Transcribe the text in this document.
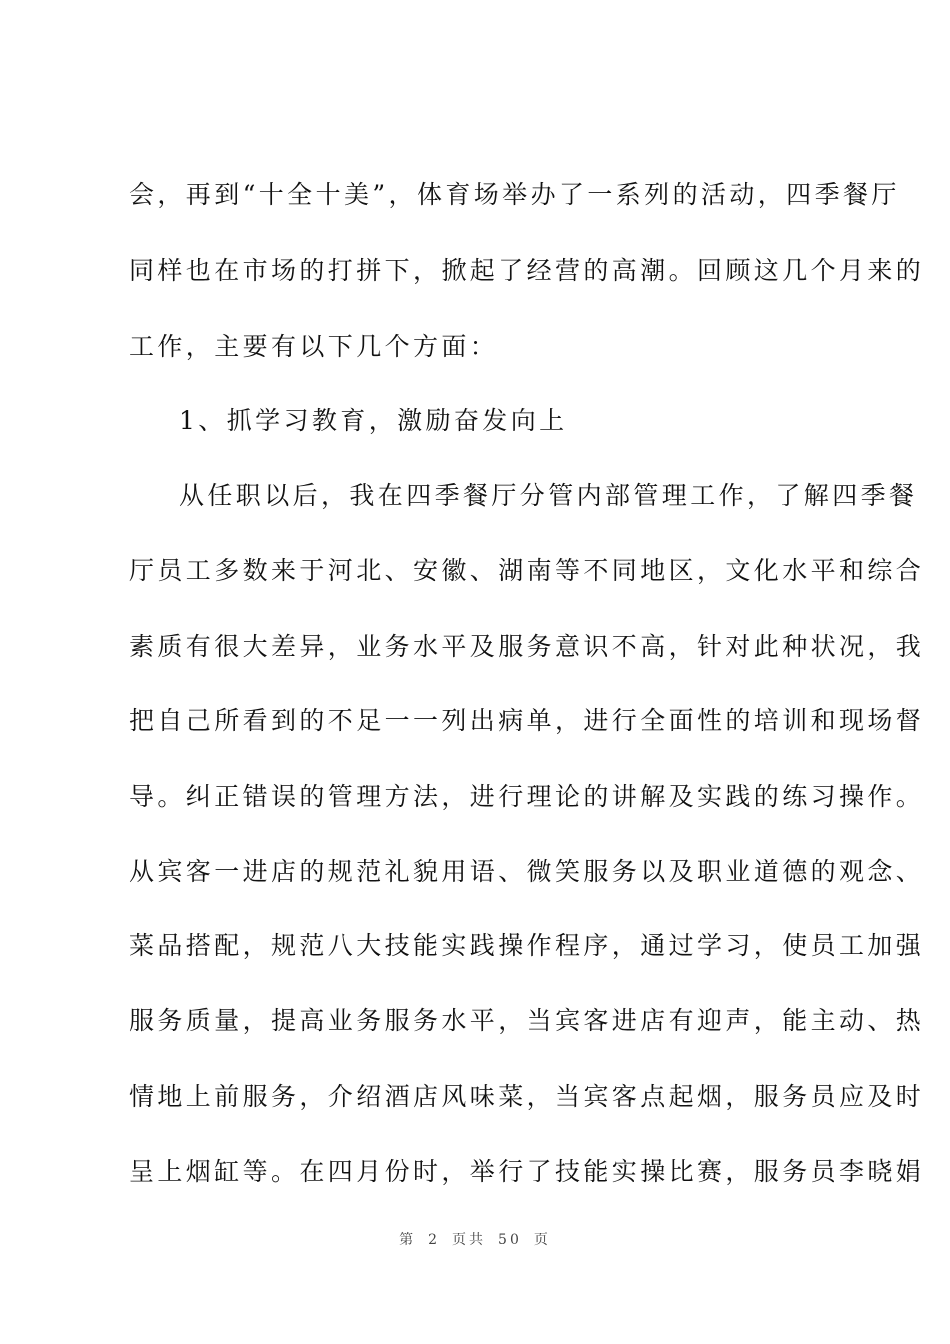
会，再到“十全十美”，体育场举办了一系列的活动，四季餐厅
同样也在市场的打拼下，掀起了经营的高潮。回顾这几个月来的
工作，主要有以下几个方面：
1、抓学习教育，激励奋发向上
从任职以后，我在四季餐厅分管内部管理工作，了解四季餐
厅员工多数来于河北、安徽、湖南等不同地区，文化水平和综合
素质有很大差异，业务水平及服务意识不高，针对此种状况，我
把自己所看到的不足一一列出病单，进行全面性的培训和现场督
导。纠正错误的管理方法，进行理论的讲解及实践的练习操作。
从宾客一进店的规范礼貌用语、微笑服务以及职业道德的观念、
菜品搭配，规范八大技能实践操作程序，通过学习，使员工加强
服务质量，提高业务服务水平，当宾客进店有迎声，能主动、热
情地上前服务，介绍酒店风味菜，当宾客点起烟，服务员应及时
呈上烟缸等。在四月份时，举行了技能实操比赛，服务员李晓娟
第 2 页共 50 页
